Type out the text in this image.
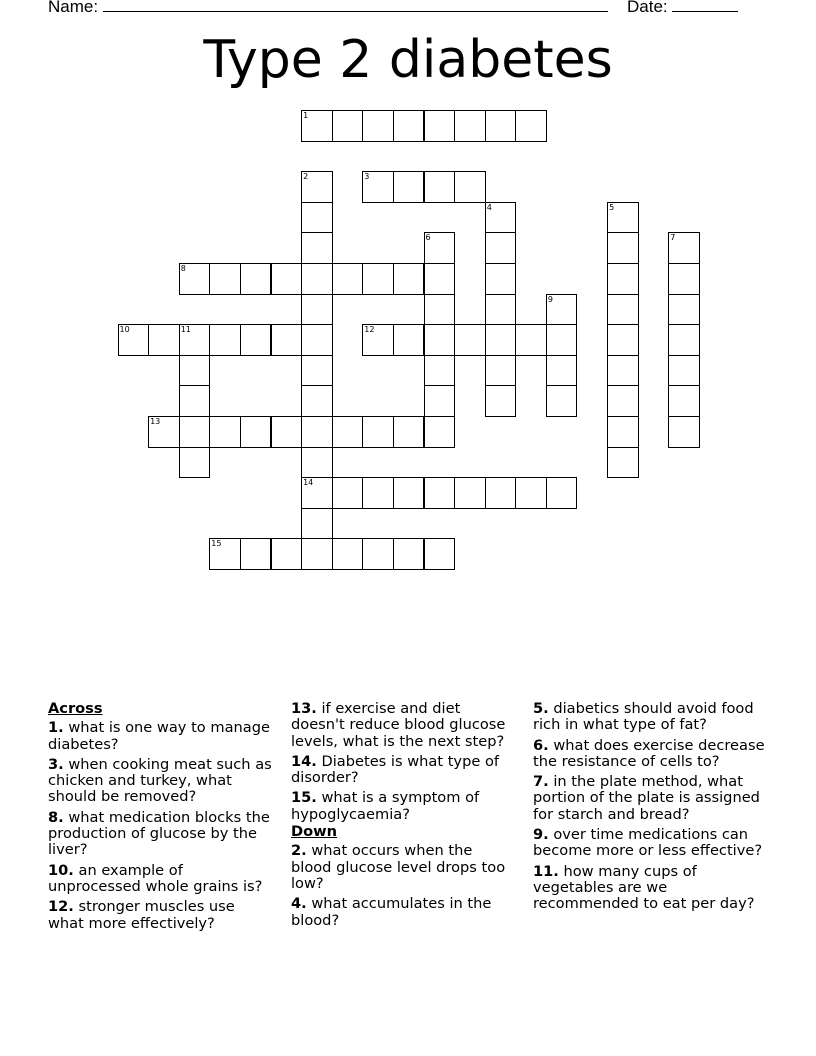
Name:	Date:
Type 2 diabetes
1
2	3
4	5
6	7
8
9
10	11	12
13
14
15
Across

1. what is one way to manage diabetes?

3. when cooking meat such as chicken and turkey, what should be removed?

8. what medication blocks the production of glucose by the liver?

10. an example of unprocessed whole grains is?

12. stronger muscles use what more effectively?

13. if exercise and diet doesn't reduce blood glucose levels, what is the next step?

14. Diabetes is what type of disorder?

15. what is a symptom of hypoglycaemia?

Down

2. what occurs when the blood glucose level drops too low?

4. what accumulates in the blood?

5. diabetics should avoid food rich in what type of fat?

6. what does exercise decrease the resistance of cells to?

7. in the plate method, what portion of the plate is assigned for starch and bread?

9. over time medications can become more or less effective?

11. how many cups of vegetables are we recommended to eat per day?
